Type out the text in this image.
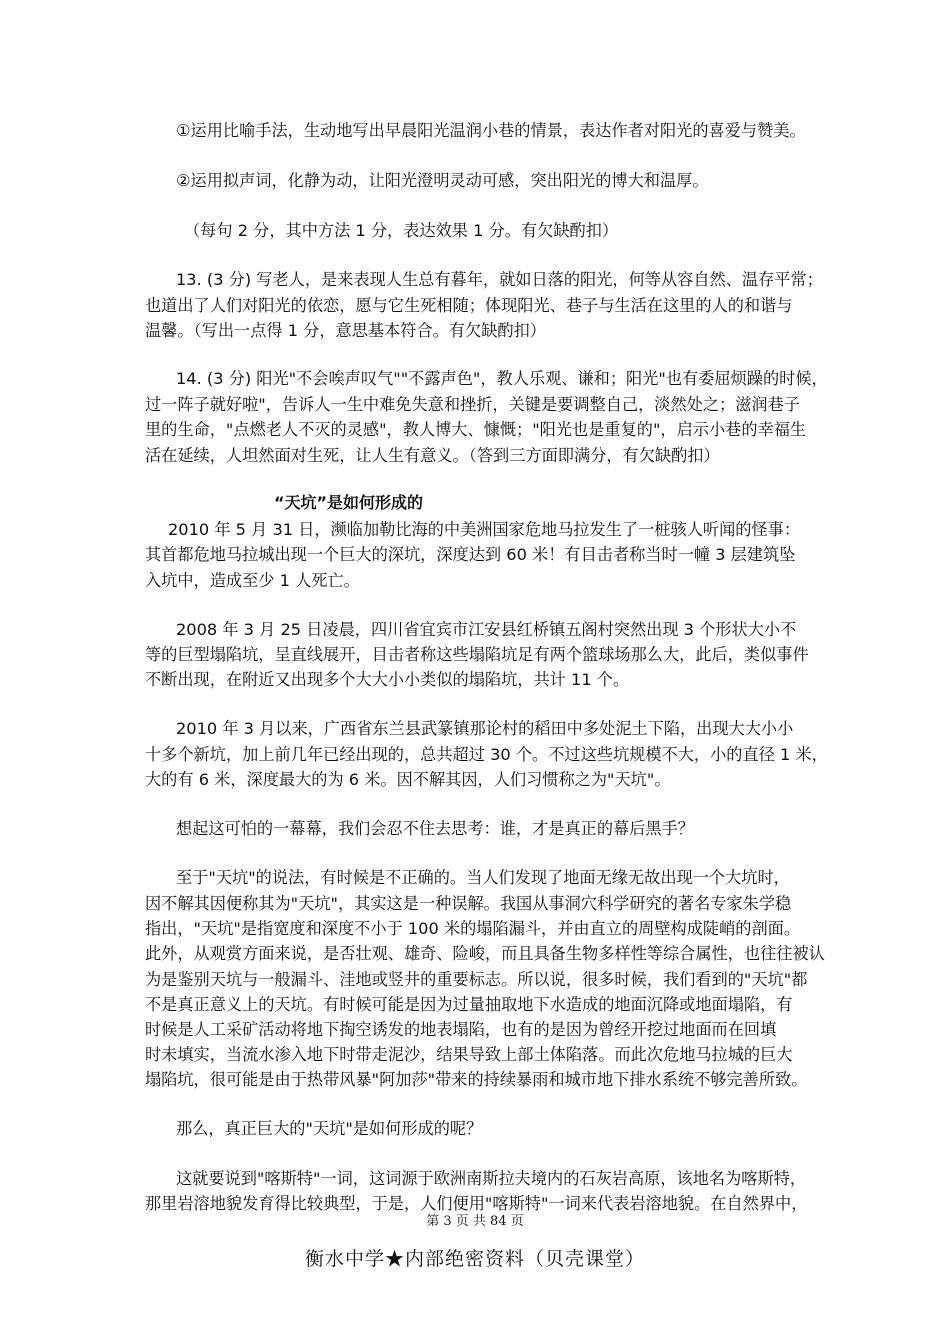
①运用比喻手法，生动地写出早晨阳光温润小巷的情景，表达作者对阳光的喜爱与赞美。
②运用拟声词，化静为动，让阳光澄明灵动可感，突出阳光的博大和温厚。
（每句 2 分，其中方法 1 分，表达效果 1 分。有欠缺酌扣）
13. (3 分) 写老人，是来表现人生总有暮年，就如日落的阳光，何等从容自然、温存平常；
也道出了人们对阳光的依恋，愿与它生死相随；体现阳光、巷子与生活在这里的人的和谐与
温馨。（写出一点得 1 分，意思基本符合。有欠缺酌扣）
14. (3 分) 阳光"不会唉声叹气""不露声色"，教人乐观、谦和；阳光"也有委屈烦躁的时候，
过一阵子就好啦"，告诉人一生中难免失意和挫折，关键是要调整自己，淡然处之；滋润巷子
里的生命，"点燃老人不灭的灵感"，教人博大、慷慨；"阳光也是重复的"，启示小巷的幸福生
活在延续，人坦然面对生死，让人生有意义。（答到三方面即满分，有欠缺酌扣）
“天坑”是如何形成的
2010 年 5 月 31 日，濒临加勒比海的中美洲国家危地马拉发生了一桩骇人听闻的怪事：
其首都危地马拉城出现一个巨大的深坑，深度达到 60 米！有目击者称当时一幢 3 层建筑坠
入坑中，造成至少 1 人死亡。
2008 年 3 月 25 日凌晨，四川省宜宾市江安县红桥镇五阁村突然出现 3 个形状大小不
等的巨型塌陷坑，呈直线展开，目击者称这些塌陷坑足有两个篮球场那么大，此后，类似事件
不断出现，在附近又出现多个大大小小类似的塌陷坑，共计 11 个。
2010 年 3 月以来，广西省东兰县武篆镇那论村的稻田中多处泥土下陷，出现大大小小
十多个新坑，加上前几年已经出现的，总共超过 30 个。不过这些坑规模不大，小的直径 1 米，
大的有 6 米，深度最大的为 6 米。因不解其因，人们习惯称之为"天坑"。
想起这可怕的一幕幕，我们会忍不住去思考：谁，才是真正的幕后黑手？
至于"天坑"的说法，有时候是不正确的。当人们发现了地面无缘无故出现一个大坑时，
因不解其因便称其为"天坑"，其实这是一种误解。我国从事洞穴科学研究的著名专家朱学稳
指出，"天坑"是指宽度和深度不小于 100 米的塌陷漏斗，并由直立的周壁构成陡峭的剖面。
此外，从观赏方面来说，是否壮观、雄奇、险峻，而且具备生物多样性等综合属性，也往往被认
为是鉴别天坑与一般漏斗、洼地或竖井的重要标志。所以说，很多时候，我们看到的"天坑"都
不是真正意义上的天坑。有时候可能是因为过量抽取地下水造成的地面沉降或地面塌陷，有
时候是人工采矿活动将地下掏空诱发的地表塌陷，也有的是因为曾经开挖过地面而在回填
时未填实，当流水渗入地下时带走泥沙，结果导致上部土体陷落。而此次危地马拉城的巨大
塌陷坑，很可能是由于热带风暴"阿加莎"带来的持续暴雨和城市地下排水系统不够完善所致。
那么，真正巨大的"天坑"是如何形成的呢？
这就要说到"喀斯特"一词，这词源于欧洲南斯拉夫境内的石灰岩高原，该地名为喀斯特，
那里岩溶地貌发育得比较典型，于是，人们便用"喀斯特"一词来代表岩溶地貌。在自然界中，
第 3 页 共 84 页
衡水中学★内部绝密资料（贝壳课堂）
